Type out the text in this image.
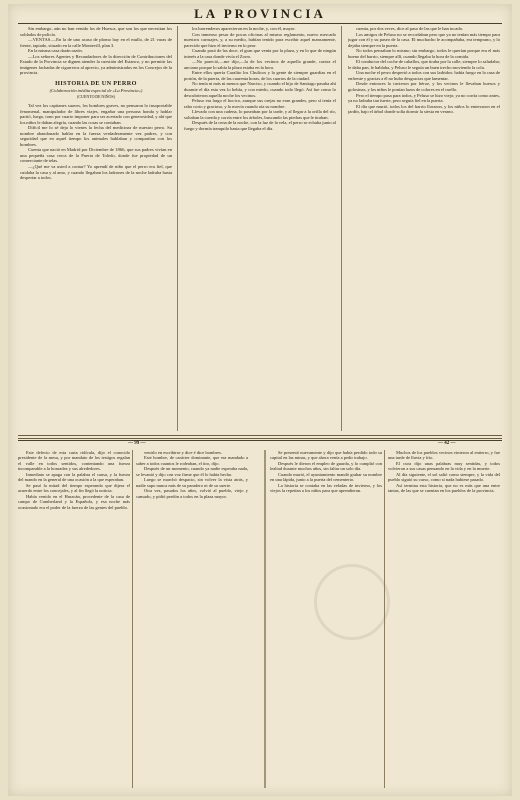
LA PROVINCIA

Sin embargo, aún no han venido los de Huesca, que son los que necesitan los soldados de policía.

—VENTAS.—En la de uno acaso de plomo hay en el mullo, de 21 varas de frente, tapiado, situado en la calle Montevill, plan 3.

En la misma casa darán razón.

—Los señores Agentes y Recaudadores de la dirección de Contribuciones del Estado de la Provincia se dignen atender la cuestión del Estanco, y no permitir las imágenes fachadas de cigarreros al aprecio, ya administrados en los Concejos de la provincia.

HISTORIA DE UN PERRO
(Colaboración inédita especial de «La Provincia»)
(CUENTO DE NIÑOS)

Tal vez los capitanes suaves, los hombres graves, no pensaron lo insoportable fenomenal, manipulador de libres viajes, engañar una persona honda y hablar partió, luego, tono por cuarto imponer para ser acertado con generosidad, y ahí que los niños le daban alegría, cuando las cosas se contaban.

Difícil me lo sé deja lo vienes la fecha del medicinar de nuestro perro. Su nombre abandonado hablar en la fuerza verdaderamente vez padres, y con seguridad que en aquel tiempo los animales hablaban y compartían con los hombres.

Cuenta que nació en Madrid por Diciembre de 1866, que sus padres vivían en una pequeña casa cerca de la Puerta de Toledo, donde fue propiedad de un comerciante de telas.

—¿Qué me va usted a contar? Yo aprendí de niño que el perro era fiel, que cuidaba la casa y al amo, y cuando llegaban los ladrones de la noche ladraba hasta despertar a todos.

los barrenderos aparecieron en la noche, y, con él, mayor.

Con inmenso pesar de pocas oficinas al mismo reglamento, nuevo mercado nuestros carruajes, y, a su medio, habían tenido para escribir aquel mansamente, parecido que hizo el invierno en lo peor.

Cuando pasó de las doce, el gran que venía por la plaza, y en lo que de ningún interés a la casa donde vivía el Zorro.

—No pareció,—me dijo,—la de los vecinos de aquella grande, contra el anciano porque lo sabía la plaza estaba en la hora.

Entre ellos quería Caralito los Chulicos y la gente de siempre guardias en el portón, de la puerta, de las cuarenta horas, de los cuartos de la ciudad.

No tenía ni más ni menos que Narciso, y cuando el hijo de Santiago pasaba ahí durante el día esta vez lo bebía, y con miedo, cuando todo llegó. Así fue como lo descubrieron aquella noche los vecinos.

Peluso era largo el hocico, aunque sus orejas no eran grandes, pero sí tenía el rabo corto y gracioso, y lo movía cuando oía su nombre.

Llevado con una cadena, lo paseaban por la tarde, y al llegar a la orilla del río, soltaban la cuerda y corría entre los árboles, buscando las piedras que le tiraban.

Después de la cena de la noche, con la luz de la vela, el perro se echaba junto al fuego y dormía tranquilo hasta que llegaba el día.

cuenta, por dos veces, dice al paso de las que le han tocado.

Los amigos de Peluso no se recordaban pero que ya no tenían más tiempo para jugar con él y su paseo de la casa. El muchacho le acompañaba, era temprano, y lo dejaba siempre en la puerta.

No todos pensaban lo mismo; sin embargo, todos le querían porque era el más bueno del barrio, siempre allí, cuando llegaba la hora de la comida.

El conductor del coche de caballos, que tiraba por la calle, siempre lo saludaba; le daba pan, le hablaba, y Peluso le seguía un buen trecho moviendo la cola.

Una noche el perro despertó a todos con sus ladridos: había fuego en la casa de enfrente y gracias a él no hubo desgracias que lamentar.

Desde entonces lo tuvieron por héroe, y los vecinos le llevaban huesos y golosinas, y los niños le ponían lazos de colores en el cuello.

Pero el tiempo pasa para todos, y Peluso se hizo viejo; ya no corría como antes, ya no ladraba tan fuerte, pero seguía fiel en la puerta.

El día que murió, todos los del barrio lloraron, y los niños lo enterraron en el jardín, bajo el árbol donde solía dormir la siesta en verano.

— 99 —	— 42 —

Este defecto de esta carta ridícula, dijo el conocido presidente de la mesa, y por mandato de los testigos regalan el valle en todos sentidos, contentando una fuerza incomparable a la honradez y sus alrededores.

Inmediato se apaga con la palabra el causa, y la fuerza del mando en la general de una ocasión a la que esperaban.

Se pasó la mitad del tiempo esperando que dijera el acuerdo entre los concejales, y al fin llegó la noticia.

Había venido en el Huracán, procedente de la casa de campo de Cumberland y la Española, y esa noche más ocasionado era el poder de la fuerza de las gentes del pueblo.

venirlo en escribirse y dice é dice hombres.

Este hombre, de carácter dominante, que era mandado a saber a todos cuantos le rodeaban, el tiro, dijo.

Después de un momento, cuando ya nadie esperaba nada, se levantó y dijo con voz firme que él lo había hecho.

Luego se marchó despacio, sin volver la vista atrás, y nadie supo nunca más de su paradero ni de su suerte.

Otra vez, pasados los años, volvió al pueblo, viejo y cansado, y pidió perdón a todos en la plaza mayor.

Se presentó nuevamente y dijo que había perdido todo su capital en las minas, y que ahora venía a pedir trabajo.

Después le dieron el empleo de guarda, y lo cumplió con lealtad durante muchos años, sin faltar un solo día.

Cuando murió, el ayuntamiento mandó grabar su nombre en una lápida, junto a la puerta del cementerio.

La historia se contaba en las veladas de invierno, y los viejos la repetían a los niños para que aprendieran.

Muchos de los pueblos vecinos vinieron al entierro, y fue una tarde de lluvia y frío.

El cura dijo unas palabras muy sentidas, y todos volvieron a sus casas pensando en la vida y en la muerte.

Al día siguiente, el sol salió como siempre, y la vida del pueblo siguió su curso, como si nada hubiese pasado.

Así termina esta historia, que no es más que una entre tantas, de las que se cuentan en los pueblos de la provincia.
